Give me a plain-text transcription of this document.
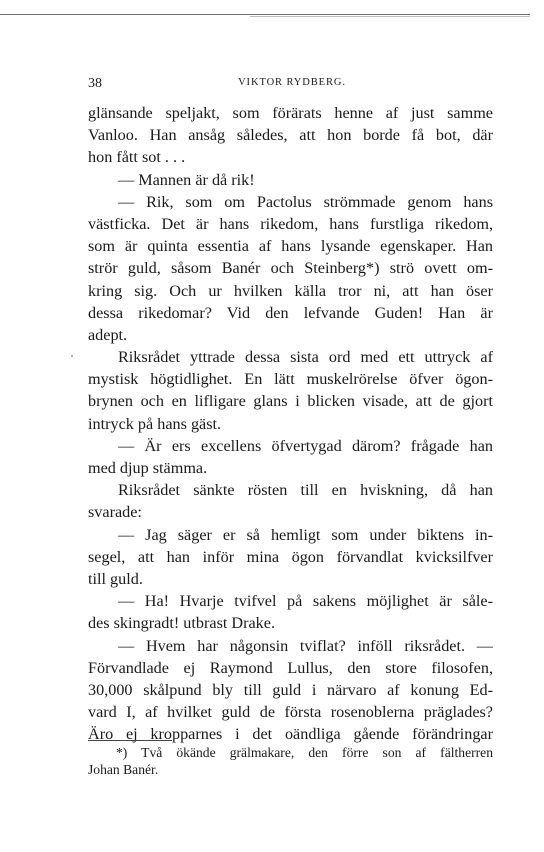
38	VIKTOR RYDBERG.
glänsande speljakt, som förärats henne af just samme
Vanloo. Han ansåg således, att hon borde få bot, där
hon fått sot . . .
— Mannen är då rik!
— Rik, som om Pactolus strömmade genom hans
västficka. Det är hans rikedom, hans furstliga rikedom,
som är quinta essentia af hans lysande egenskaper. Han
strör guld, såsom Banér och Steinberg*) strö ovett om-
kring sig. Och ur hvilken källa tror ni, att han öser
dessa rikedomar? Vid den lefvande Guden! Han är
adept.
Riksrådet yttrade dessa sista ord med ett uttryck af
mystisk högtidlighet. En lätt muskelrörelse öfver ögon-
brynen och en lifligare glans i blicken visade, att de gjort
intryck på hans gäst.
— Är ers excellens öfvertygad därom? frågade han
med djup stämma.
Riksrådet sänkte rösten till en hviskning, då han
svarade:
— Jag säger er så hemligt som under biktens in-
segel, att han inför mina ögon förvandlat kvicksilfver
till guld.
— Ha! Hvarje tvifvel på sakens möjlighet är såle-
des skingradt! utbrast Drake.
— Hvem har någonsin tviflat? inföll riksrådet. —
Förvandlade ej Raymond Lullus, den store filosofen,
30,000 skålpund bly till guld i närvaro af konung Ed-
vard I, af hvilket guld de första rosenoblerna präglades?
Äro ej kropparnes i det oändliga gående förändringar
*) Två ökände grälmakare, den förre son af fältherren
Johan Banér.
